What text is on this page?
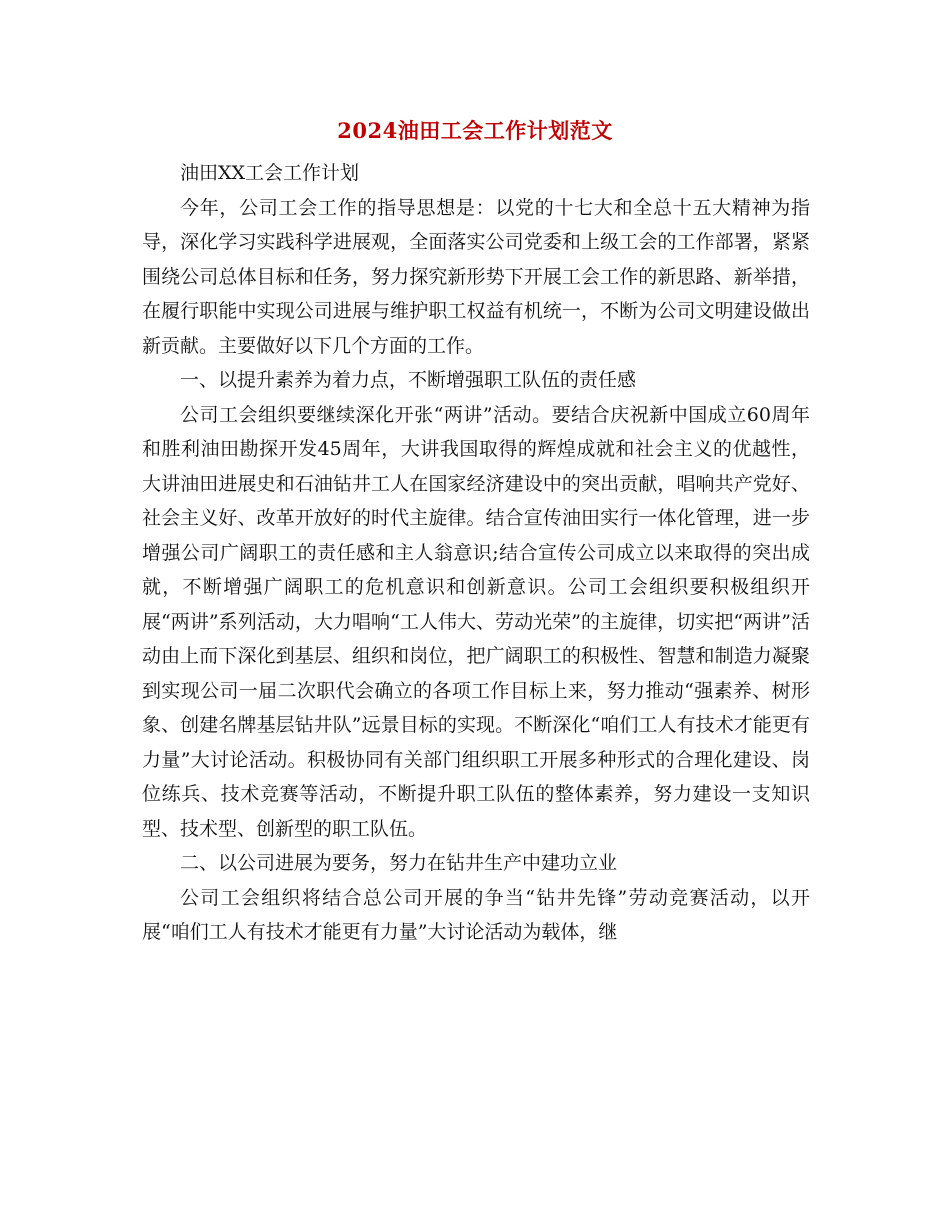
2024油田工会工作计划范文

油田XX工会工作计划

今年，公司工会工作的指导思想是：以党的十七大和全总十五大精神为指导，深化学习实践科学进展观，全面落实公司党委和上级工会的工作部署，紧紧围绕公司总体目标和任务，努力探究新形势下开展工会工作的新思路、新举措，在履行职能中实现公司进展与维护职工权益有机统一，不断为公司文明建设做出新贡献。主要做好以下几个方面的工作。

一、以提升素养为着力点，不断增强职工队伍的责任感

公司工会组织要继续深化开张“两讲”活动。要结合庆祝新中国成立60周年和胜利油田勘探开发45周年，大讲我国取得的辉煌成就和社会主义的优越性，大讲油田进展史和石油钻井工人在国家经济建设中的突出贡献，唱响共产党好、社会主义好、改革开放好的时代主旋律。结合宣传油田实行一体化管理，进一步增强公司广阔职工的责任感和主人翁意识;结合宣传公司成立以来取得的突出成就，不断增强广阔职工的危机意识和创新意识。公司工会组织要积极组织开展“两讲”系列活动，大力唱响“工人伟大、劳动光荣”的主旋律，切实把“两讲”活动由上而下深化到基层、组织和岗位，把广阔职工的积极性、智慧和制造力凝聚到实现公司一届二次职代会确立的各项工作目标上来，努力推动“强素养、树形象、创建名牌基层钻井队”远景目标的实现。不断深化“咱们工人有技术才能更有力量”大讨论活动。积极协同有关部门组织职工开展多种形式的合理化建设、岗位练兵、技术竞赛等活动，不断提升职工队伍的整体素养，努力建设一支知识型、技术型、创新型的职工队伍。

二、以公司进展为要务，努力在钻井生产中建功立业

公司工会组织将结合总公司开展的争当“钻井先锋”劳动竞赛活动，以开展“咱们工人有技术才能更有力量”大讨论活动为载体，继
